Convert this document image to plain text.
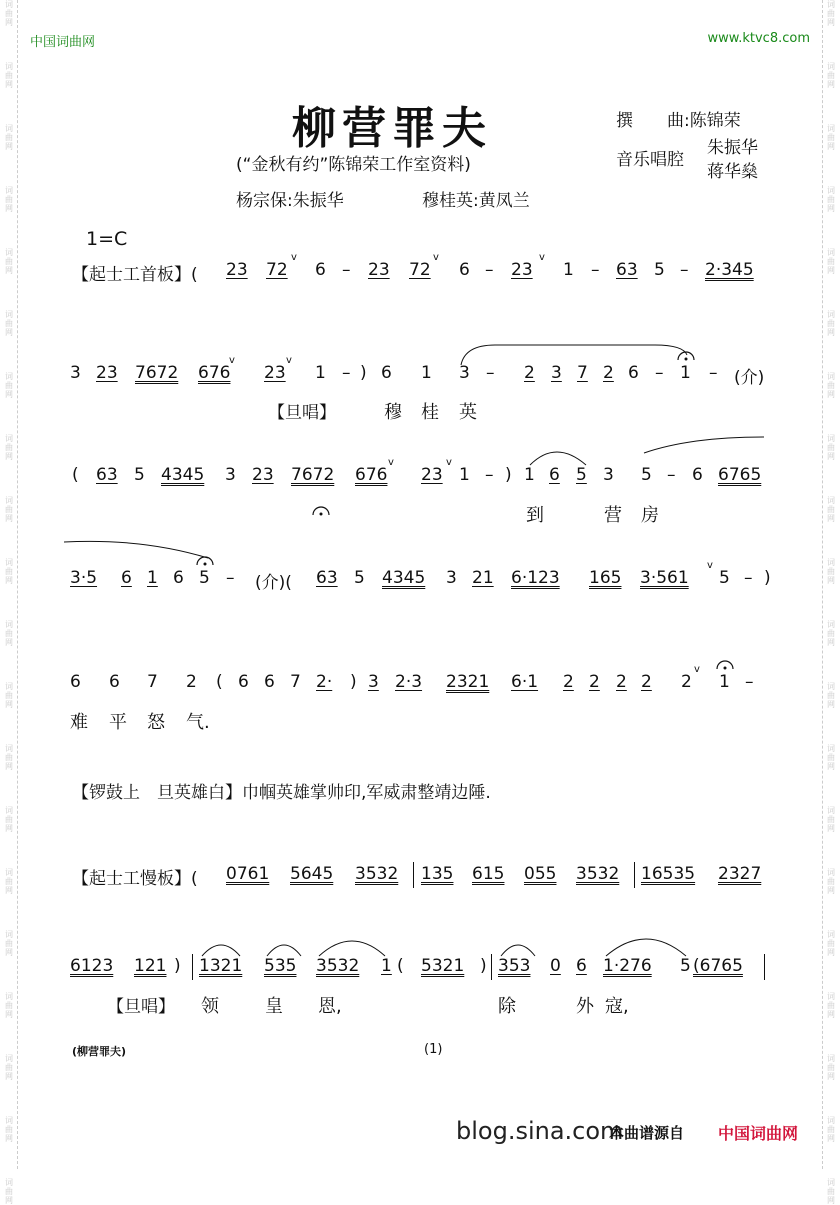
词
曲
网
词
曲
网
词
曲
网
词
曲
网
词
曲
网
词
曲
网
词
曲
网
词
曲
网
词
曲
网
词
曲
网
词
曲
网
词
曲
网
词
曲
网
词
曲
网
词
曲
网
词
曲
网
词
曲
网
词
曲
网
词
曲
网
词
曲
网
词
曲
网
词
曲
网
词
曲
网
词
曲
网
词
曲
网
词
曲
网
词
曲
网
词
曲
网
词
曲
网
词
曲
网
词
曲
网
词
曲
网
词
曲
网
词
曲
网
词
曲
网
词
曲
网
词
曲
网
词
曲
网
词
曲
网
词
曲
网
中国词曲网	www.ktvc8.com
柳营罪夫	撰　　曲:陈锦荣
音乐唱腔
朱振华
蒋华燊
(“金秋有约”陈锦荣工作室资料)
杨宗保:朱振华	穆桂英:黄凤兰
1=C
【起士工首板】( 23 72 6 – 23 72 6 – 23 1 – 63 5 – 2·345
v	v	v
3 23 7672 676 23 1 – ) 6 1 3 – 2 3 7 2 6 – 1 – (介)
v	v
【旦唱】	穆 桂 英
( 63 5 4345 3 23 7672 676 23 1 – ) 1 6 5 3 5 – 6 6765
v	v
到	营 房
3·5 6 1 6 5 – (介)( 63 5 4345 3 21 6·123 165 3·561 5 – )
v
6 6 7 2 ( 6 6 7 2· ) 3 2·3 2321 6·1 2 2 2 2 2 1 –
v
难 平 怒 气.
【锣鼓上　旦英雄白】巾帼英雄掌帅印,军威肃整靖边陲.
【起士工慢板】( 0761 5645 3532 135 615 055 3532 16535 2327
6123 121 ) 1321 535 3532 1 ( 5321 ) 353 0 6 1·276 5 (6765
【旦唱】 领	皇 恩,	除	外 寇,
(柳营罪夫)	(1)
blog.sina.com
本曲谱源自 中国词曲网
